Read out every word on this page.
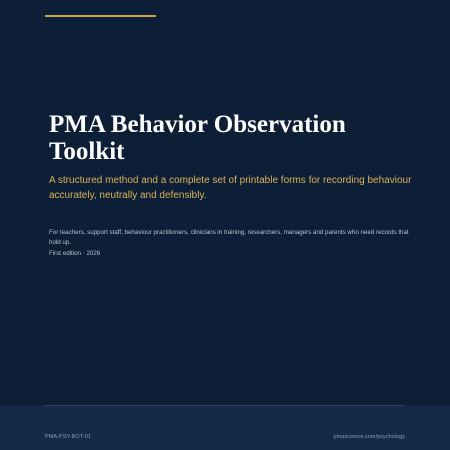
PMA Behavior Observation Toolkit

A structured method and a complete set of printable forms for recording behaviour accurately, neutrally and defensibly.

For teachers, support staff, behaviour practitioners, clinicians in training, researchers, managers and parents who need records that hold up.

First edition · 2026

PMA-PSY-BOT-01	pmascience.com/psychology
